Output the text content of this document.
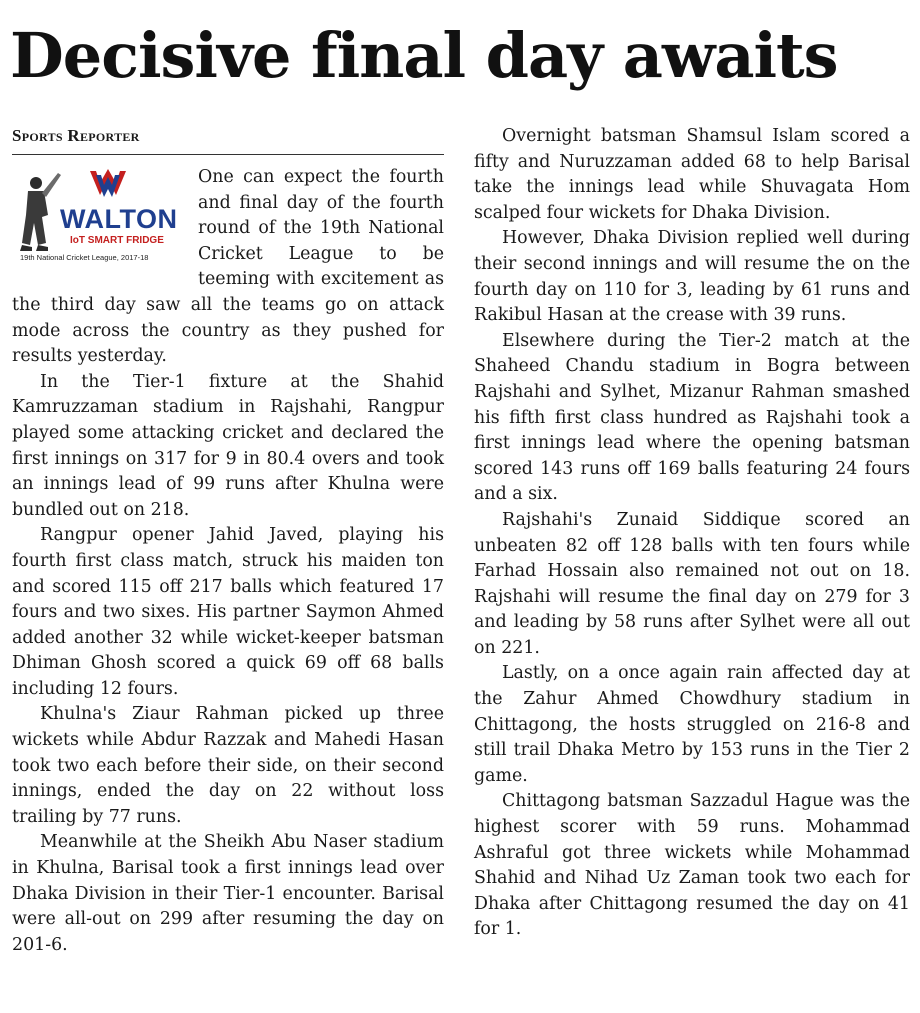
Decisive final day awaits
Sports Reporter
WALTON
IoT SMART FRIDGE
19th National Cricket League, 2017-18

One can expect the fourth and final day of the fourth round of the 19th National Cricket League to be teeming with excitement as the third day saw all the teams go on attack mode across the country as they pushed for results yesterday.

In the Tier-1 fixture at the Shahid Kamruzzaman stadium in Rajshahi, Rangpur played some attacking cricket and declared the first innings on 317 for 9 in 80.4 overs and took an innings lead of 99 runs after Khulna were bundled out on 218.

Rangpur opener Jahid Javed, playing his fourth first class match, struck his maiden ton and scored 115 off 217 balls which featured 17 fours and two sixes. His partner Saymon Ahmed added another 32 while wicket-keeper batsman Dhiman Ghosh scored a quick 69 off 68 balls including 12 fours.

Khulna's Ziaur Rahman picked up three wickets while Abdur Razzak and Mahedi Hasan took two each before their side, on their second innings, ended the day on 22 without loss trailing by 77 runs.

Meanwhile at the Sheikh Abu Naser stadium in Khulna, Barisal took a first innings lead over Dhaka Division in their Tier-1 encounter. Barisal were all-out on 299 after resuming the day on 201-6.

Overnight batsman Shamsul Islam scored a fifty and Nuruzzaman added 68 to help Barisal take the innings lead while Shuvagata Hom scalped four wickets for Dhaka Division.

However, Dhaka Division replied well during their second innings and will resume the on the fourth day on 110 for 3, leading by 61 runs and Rakibul Hasan at the crease with 39 runs.

Elsewhere during the Tier-2 match at the Shaheed Chandu stadium in Bogra between Rajshahi and Sylhet, Mizanur Rahman smashed his fifth first class hundred as Rajshahi took a first innings lead where the opening batsman scored 143 runs off 169 balls featuring 24 fours and a six.

Rajshahi's Zunaid Siddique scored an unbeaten 82 off 128 balls with ten fours while Farhad Hossain also remained not out on 18. Rajshahi will resume the final day on 279 for 3 and leading by 58 runs after Sylhet were all out on 221.

Lastly, on a once again rain affected day at the Zahur Ahmed Chowdhury stadium in Chittagong, the hosts struggled on 216-8 and still trail Dhaka Metro by 153 runs in the Tier 2 game.

Chittagong batsman Sazzadul Hague was the highest scorer with 59 runs. Mohammad Ashraful got three wickets while Mohammad Shahid and Nihad Uz Zaman took two each for Dhaka after Chittagong resumed the day on 41 for 1.
